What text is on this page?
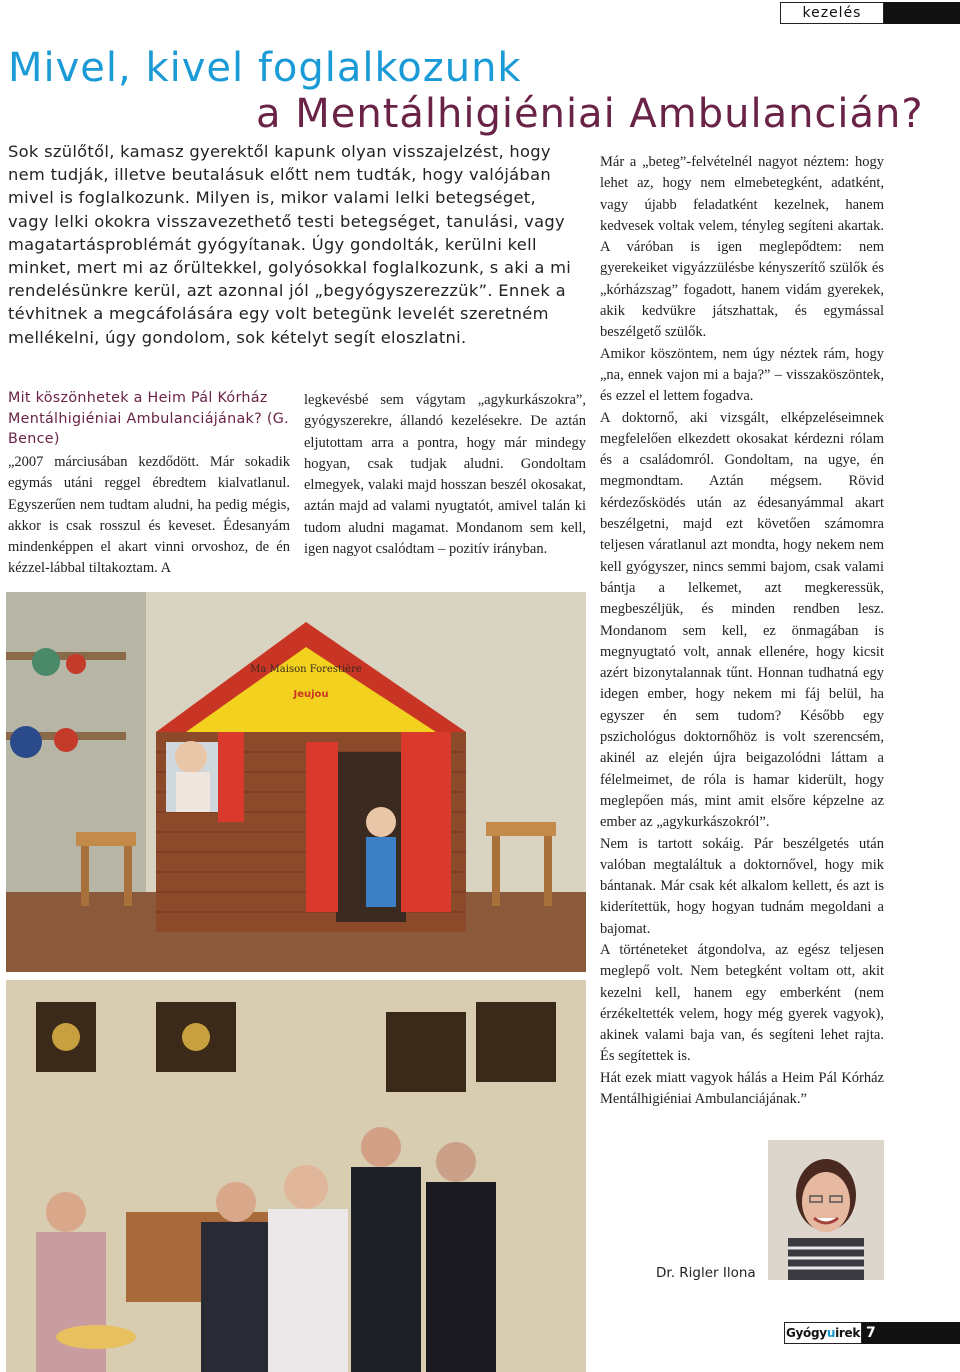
kezelés
Mivel, kivel foglalkozunk
a Mentálhigiéniai Ambulancián?

Sok szülőtől, kamasz gyerektől kapunk olyan visszajelzést, hogy nem tudják, illetve beutalásuk előtt nem tudták, hogy valójában mivel is foglalkozunk. Milyen is, mikor valami lelki betegséget, vagy lelki okokra visszavezethető testi betegséget, tanulási, vagy magatartásproblémát gyógyítanak. Úgy gondolták, kerülni kell minket, mert mi az őrültekkel, golyósokkal foglalkozunk, s aki a mi rendelésünkre kerül, azt azonnal jól „begyógyszerezzük”. Ennek a tévhitnek a megcáfolására egy volt betegünk levelét szeretném mellékelni, úgy gondolom, sok kételyt segít eloszlatni.

Mit köszönhetek a Heim Pál Kórház Mentálhigiéniai Ambulanciájának? (G. Bence)

„2007 márciusában kezdődött. Már sokadik egymás utáni reggel ébredtem kialvatlanul. Egyszerűen nem tudtam aludni, ha pedig mégis, akkor is csak rosszul és keveset. Édesanyám mindenképpen el akart vinni orvoshoz, de én kézzel-lábbal tiltakoztam. A

legkevésbé sem vágytam „agykurkászokra”, gyógyszerekre, állandó kezelésekre. De aztán eljutottam arra a pontra, hogy már mindegy hogyan, csak tudjak aludni. Gondoltam elmegyek, valaki majd hosszan beszél okosakat, aztán majd ad valami nyugtatót, amivel talán ki tudom aludni magamat. Mondanom sem kell, igen nagyot csalódtam – pozitív irányban.

Már a „beteg”-felvételnél nagyot néztem: hogy lehet az, hogy nem elmebetegként, adatként, vagy újabb feladatként kezelnek, hanem kedvesek voltak velem, tényleg segíteni akartak. A váróban is igen meglepődtem: nem gyerekeiket vigyázzülésbe kényszerítő szülők és „kórházszag” fogadott, hanem vidám gyerekek, akik kedvükre játszhattak, és egymással beszélgető szülők.

Amikor köszöntem, nem úgy néztek rám, hogy „na, ennek vajon mi a baja?” – visszaköszöntek, és ezzel el lettem fogadva.

A doktornő, aki vizsgált, elképzeléseimnek megfelelően elkezdett okosakat kérdezni rólam és a családomról. Gondoltam, na ugye, én megmondtam. Aztán mégsem. Rövid kérdezősködés után az édesanyámmal akart beszélgetni, majd ezt követően számomra teljesen váratlanul azt mondta, hogy nekem nem kell gyógyszer, nincs semmi bajom, csak valami bántja a lelkemet, azt megkeressük, megbeszéljük, és minden rendben lesz. Mondanom sem kell, ez önmagában is megnyugtató volt, annak ellenére, hogy kicsit azért bizonytalannak tűnt. Honnan tudhatná egy idegen ember, hogy nekem mi fáj belül, ha egyszer én sem tudom? Később egy pszichológus doktornőhöz is volt szerencsém, akinél az elején újra beigazolódni láttam a félelmeimet, de róla is hamar kiderült, hogy meglepően más, mint amit elsőre képzelne az ember az „agykurkászokról”.

Nem is tartott sokáig. Pár beszélgetés után valóban megtaláltuk a doktornővel, hogy mik bántanak. Már csak két alkalom kellett, és azt is kiderítettük, hogy hogyan tudnám megoldani a bajomat.

A történeteket átgondolva, az egész teljesen meglepő volt. Nem betegként voltam ott, akit kezelni kell, hanem egy emberként (nem érzékeltették velem, hogy még gyerek vagyok), akinek valami baja van, és segíteni lehet rajta. És segítettek is.

Hát ezek miatt vagyok hálás a Heim Pál Kórház Mentálhigiéniai Ambulanciájának.”

Ma Maison Forestière
Jeujou
Dr. Rigler Ilona
Gyógy u irek 7
